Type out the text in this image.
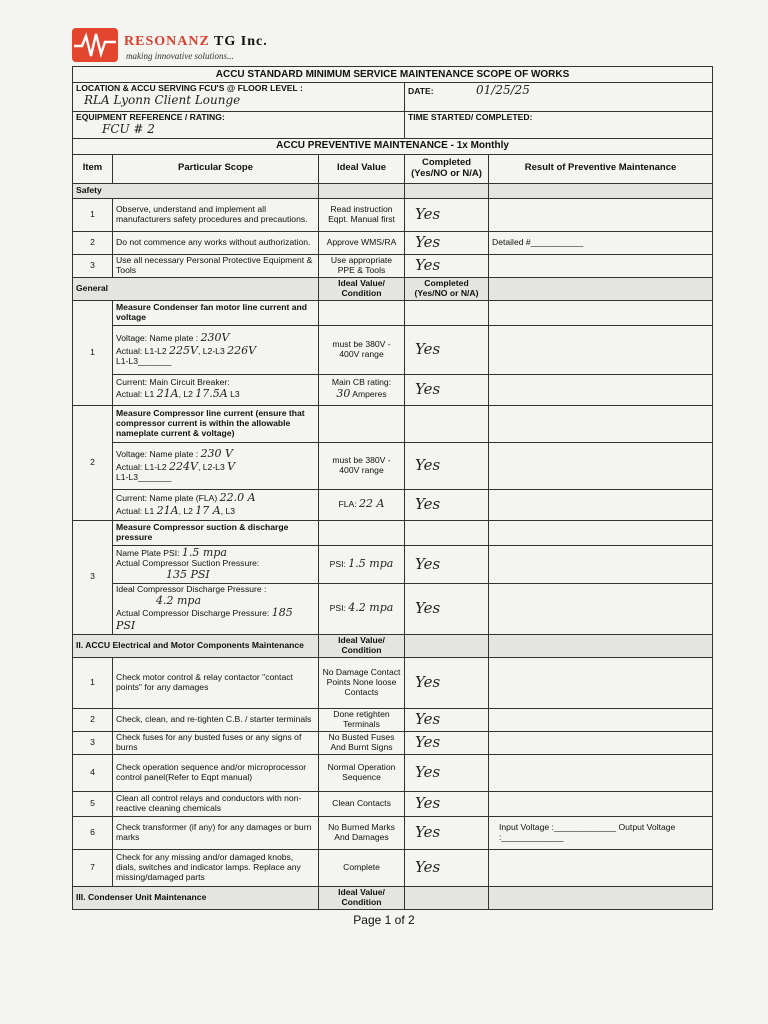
RESONANZ TG Inc.
making innovative solutions...
ACCU STANDARD MINIMUM SERVICE MAINTENANCE SCOPE OF WORKS				
LOCATION & ACCU SERVING FCU'S @ FLOOR LEVEL :
RLA Lyonn Client Lounge			DATE: 01/25/25	
EQUIPMENT REFERENCE / RATING:
FCU # 2			TIME STARTED/ COMPLETED:	
ACCU PREVENTIVE MAINTENANCE - 1x Monthly				
Item	Particular Scope	Ideal Value	Completed (Yes/NO or N/A)	Result of Preventive Maintenance
Safety				
1	Observe, understand and implement all manufacturers safety procedures and precautions.	Read instruction Eqpt. Manual first	Yes	
2	Do not commence any works without authorization.	Approve WMS/RA	Yes	Detailed #___________
3	Use all necessary Personal Protective Equipment & Tools	Use appropriate PPE & Tools	Yes	
General		Ideal Value/ Condition	Completed (Yes/NO or N/A)	
1	Measure Condenser fan motor line current and voltage			
	Voltage: Name plate : 230V
Actual: L1-L2 225V, L2-L3 226V
L1-L3_______	must be 380V - 400V range	Yes	
	Current: Main Circuit Breaker:
Actual: L1 21A, L2 17.5A L3	Main CB rating:
30 Amperes	Yes	
2	Measure Compressor line current (ensure that compressor current is within the allowable nameplate current & voltage)			
	Voltage: Name plate : 230 V
Actual: L1-L2 224V, L2-L3 V
L1-L3_______	must be 380V - 400V range	Yes	
	Current: Name plate (FLA) 22.0 A
Actual: L1 21A, L2 17 A, L3	FLA: 22 A	Yes	
3	Measure Compressor suction & discharge pressure			
	Name Plate PSI: 1.5 mpa
Actual Compressor Suction Pressure:
135 PSI	PSI: 1.5 mpa	Yes	
	Ideal Compressor Discharge Pressure :
4.2 mpa
Actual Compressor Discharge Pressure: 185 PSI	PSI: 4.2 mpa	Yes	
II. ACCU Electrical and Motor Components Maintenance		Ideal Value/ Condition		
1	Check motor control & relay contactor "contact points" for any damages	No Damage Contact Points None loose Contacts	Yes	
2	Check, clean, and re-tighten C.B. / starter terminals	Done retighten Terminals	Yes	
3	Check fuses for any busted fuses or any signs of burns	No Busted Fuses And Burnt Signs	Yes	
4	Check operation sequence and/or microprocessor control panel(Refer to Eqpt manual)	Normal Operation Sequence	Yes	
5	Clean all control relays and conductors with non-reactive cleaning chemicals	Clean Contacts	Yes	
6	Check transformer (if any) for any damages or burn marks	No Burned Marks And Damages	Yes	Input Voltage :_____________ Output Voltage :_____________
7	Check for any missing and/or damaged knobs, dials, switches and indicator lamps. Replace any missing/damaged parts	Complete	Yes	
III. Condenser Unit Maintenance		Ideal Value/ Condition		
Page 1 of 2
